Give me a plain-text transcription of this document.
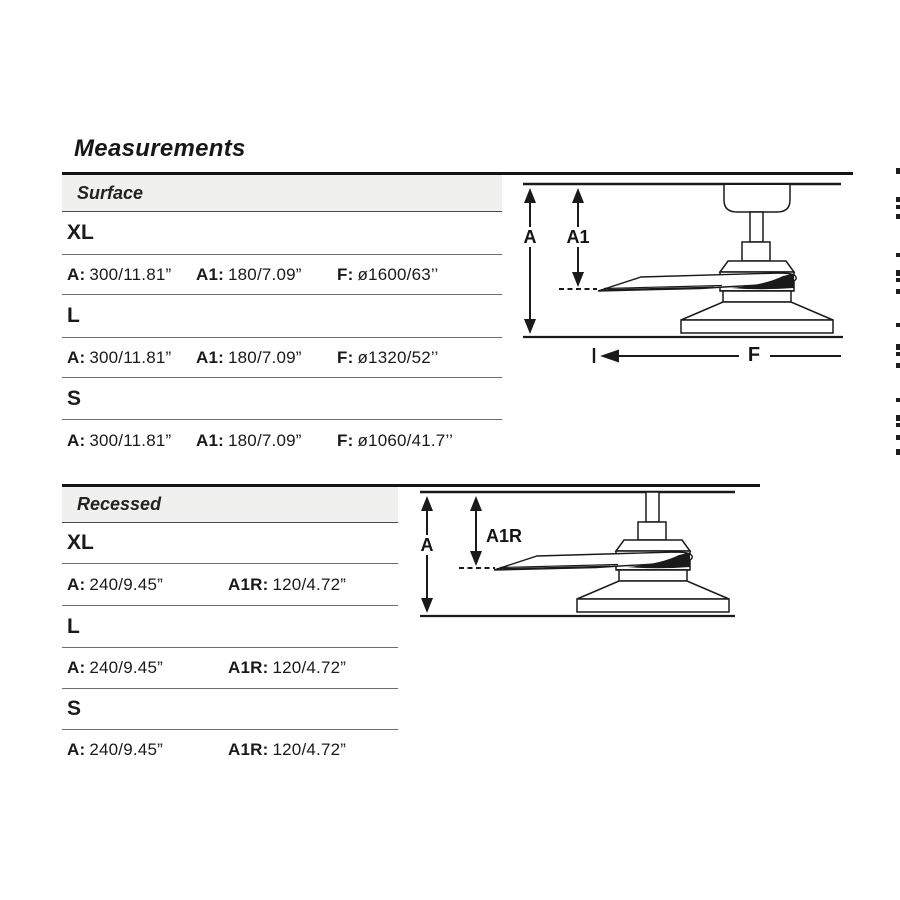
Measurements
Surface
XL
A: 300/11.81” A1: 180/7.09” F: ø1600/63’’
L
A: 300/11.81” A1: 180/7.09” F: ø1320/52’’
S
A: 300/11.81” A1: 180/7.09” F: ø1060/41.7’’
Recessed
XL
A: 240/9.45”	A1R: 120/4.72”
L
A: 240/9.45”	A1R: 120/4.72”
S
A: 240/9.45”	A1R: 120/4.72”
A	A1
F
A	A1R
